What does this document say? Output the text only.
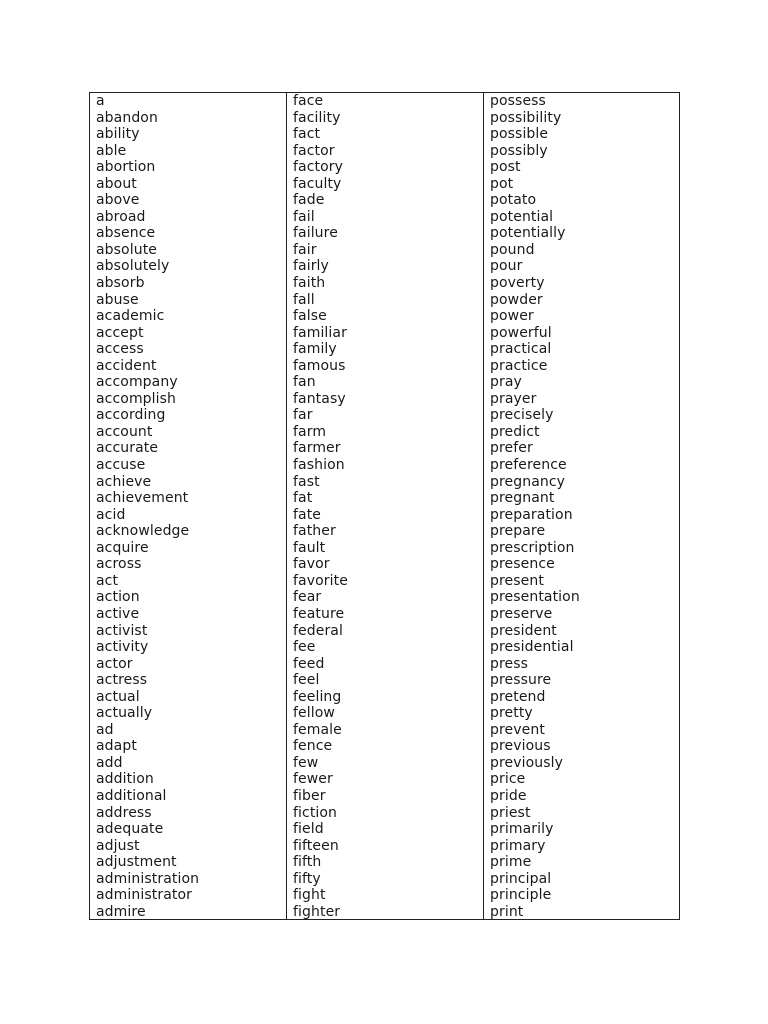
a
abandon
ability
able
abortion
about
above
abroad
absence
absolute
absolutely
absorb
abuse
academic
accept
access
accident
accompany
accomplish
according
account
accurate
accuse
achieve
achievement
acid
acknowledge
acquire
across
act
action
active
activist
activity
actor
actress
actual
actually
ad
adapt
add
addition
additional
address
adequate
adjust
adjustment
administration
administrator
admire
face
facility
fact
factor
factory
faculty
fade
fail
failure
fair
fairly
faith
fall
false
familiar
family
famous
fan
fantasy
far
farm
farmer
fashion
fast
fat
fate
father
fault
favor
favorite
fear
feature
federal
fee
feed
feel
feeling
fellow
female
fence
few
fewer
fiber
fiction
field
fifteen
fifth
fifty
fight
fighter
possess
possibility
possible
possibly
post
pot
potato
potential
potentially
pound
pour
poverty
powder
power
powerful
practical
practice
pray
prayer
precisely
predict
prefer
preference
pregnancy
pregnant
preparation
prepare
prescription
presence
present
presentation
preserve
president
presidential
press
pressure
pretend
pretty
prevent
previous
previously
price
pride
priest
primarily
primary
prime
principal
principle
print
